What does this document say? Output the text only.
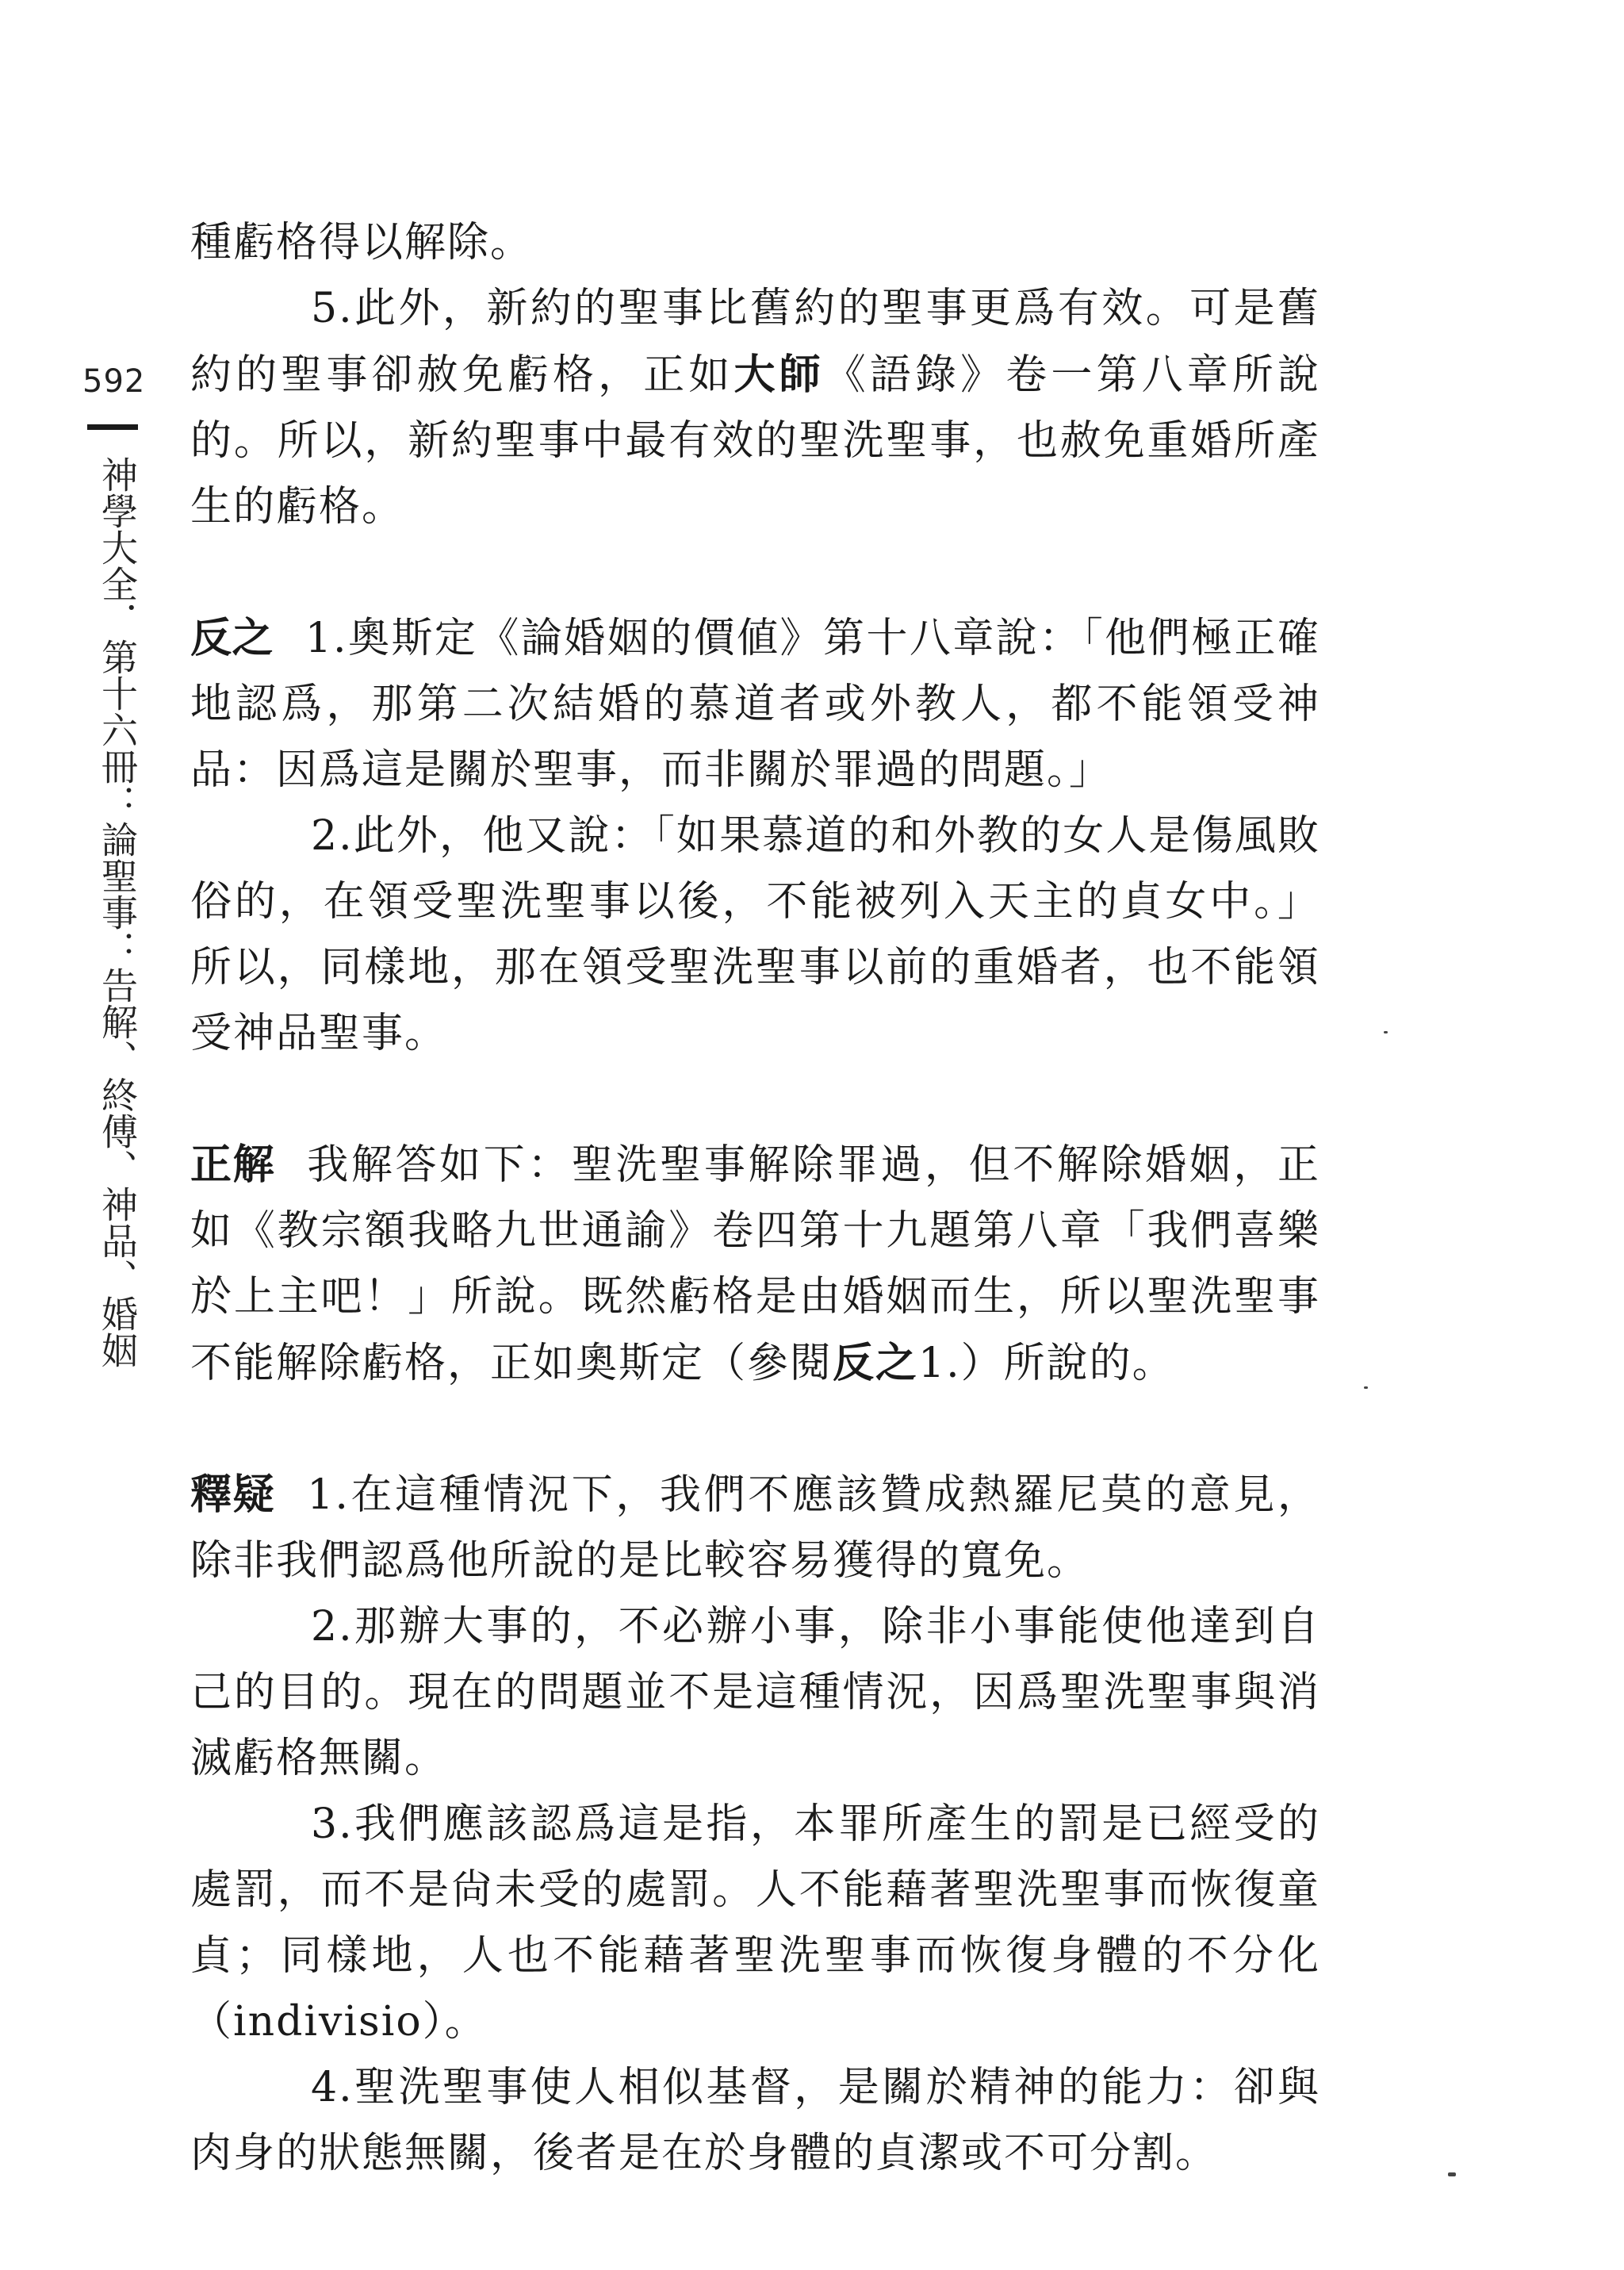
592
神學大全．第十六冊：論聖事：告解、終傅、神品、婚姻

種虧格得以解除。

5.此外，新約的聖事比舊約的聖事更爲有效。可是舊約的聖事卻赦免虧格，正如大師《語錄》卷一第八章所說的。所以，新約聖事中最有效的聖洗聖事，也赦免重婚所產生的虧格。

反之 1.奧斯定《論婚姻的價値》第十八章說：「他們極正確地認爲，那第二次結婚的慕道者或外教人，都不能領受神品：因爲這是關於聖事，而非關於罪過的問題。」

2.此外，他又說：「如果慕道的和外教的女人是傷風敗俗的，在領受聖洗聖事以後，不能被列入天主的貞女中。」所以，同樣地，那在領受聖洗聖事以前的重婚者，也不能領受神品聖事。

正解 我解答如下：聖洗聖事解除罪過，但不解除婚姻，正如《教宗額我略九世通諭》卷四第十九題第八章「我們喜樂於上主吧！」所說。既然虧格是由婚姻而生，所以聖洗聖事不能解除虧格，正如奧斯定（參閱反之1.）所說的。

釋疑 1.在這種情況下，我們不應該贊成熱羅尼莫的意見，除非我們認爲他所說的是比較容易獲得的寬免。

2.那辦大事的，不必辦小事，除非小事能使他達到自己的目的。現在的問題並不是這種情況，因爲聖洗聖事與消滅虧格無關。

3.我們應該認爲這是指，本罪所產生的罰是已經受的處罰，而不是尙未受的處罰。人不能藉著聖洗聖事而恢復童貞；同樣地，人也不能藉著聖洗聖事而恢復身體的不分化（indivisio）。

4.聖洗聖事使人相似基督，是關於精神的能力：卻與肉身的狀態無關，後者是在於身體的貞潔或不可分割。
